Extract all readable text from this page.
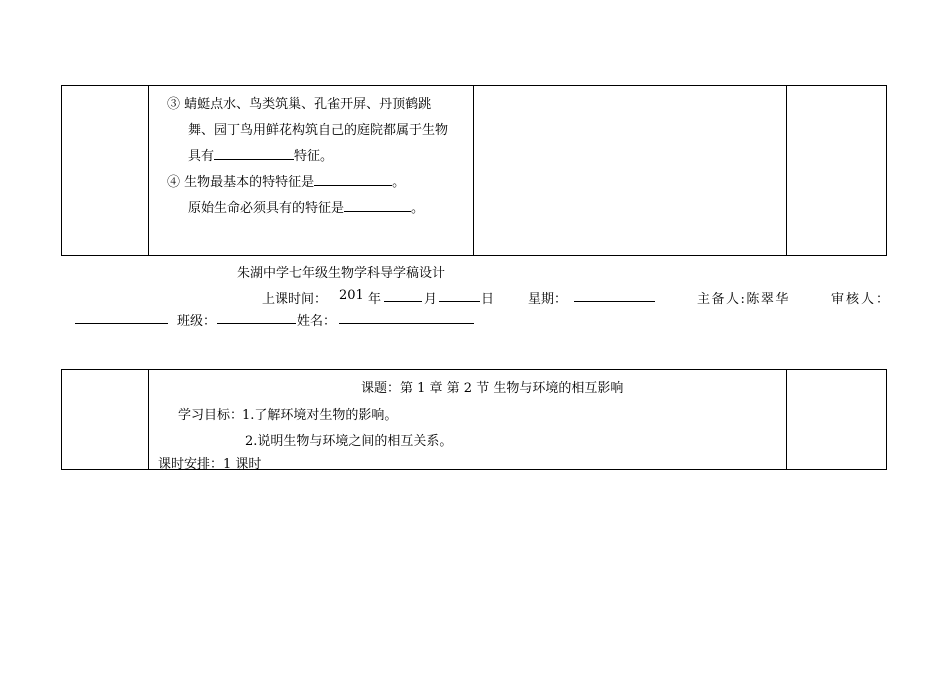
③ 蜻蜓点水、鸟类筑巢、孔雀开屏、丹顶鹤跳
舞、园丁鸟用鲜花构筑自己的庭院都属于生物
具有	特征。
④ 生物最基本的特特征是	。
原始生命必须具有的特征是	。
朱湖中学七年级生物学科导学稿设计
上课时间： 201 年	月	日	星期：	主备人:陈翠华	审核人：
班级：	姓名：
课题：第 1 章 第 2 节 生物与环境的相互影响
学习目标：
1.了解环境对生物的影响。
2.说明生物与环境之间的相互关系。
课时安排：1 课时
